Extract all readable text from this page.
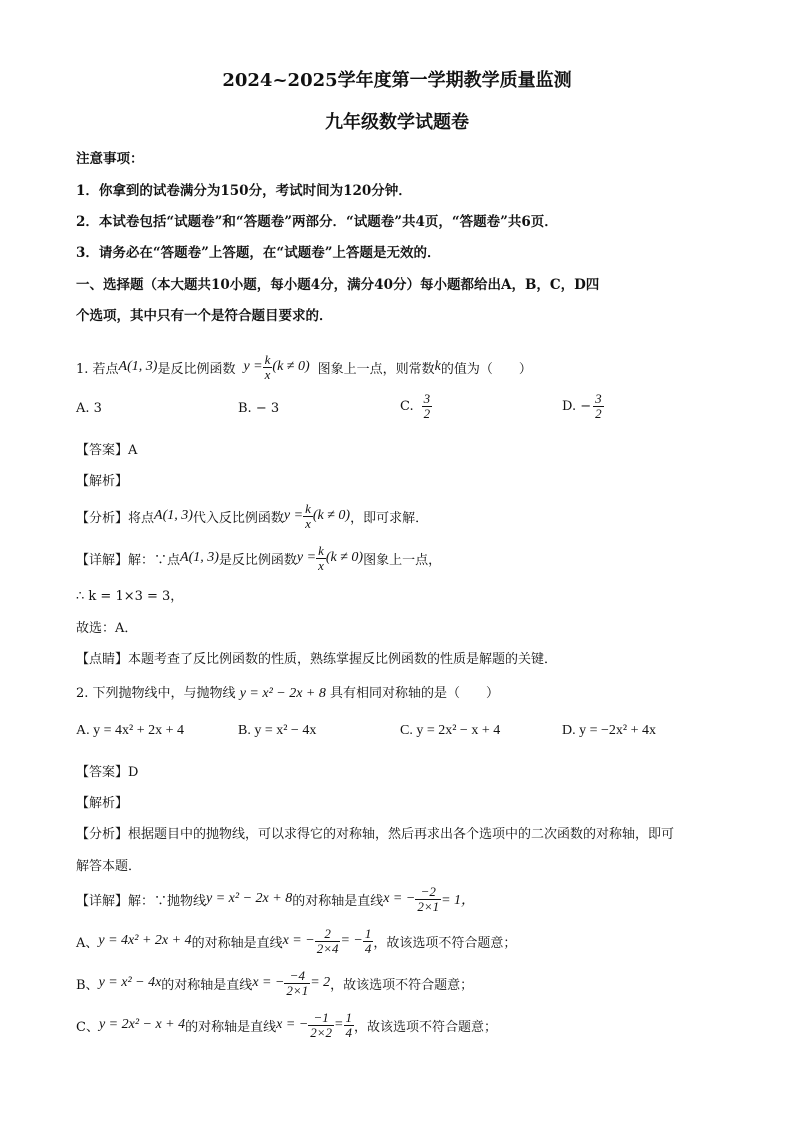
2024~2025学年度第一学期教学质量监测
九年级数学试题卷
注意事项：
1．你拿到的试卷满分为150分，考试时间为120分钟．
2．本试卷包括“试题卷”和“答题卷”两部分．“试题卷”共4页，“答题卷”共6页．
3．请务必在“答题卷”上答题，在“试题卷”上答题是无效的．
一、选择题（本大题共10小题，每小题4分，满分40分）每小题都给出A，B，C，D四
个选项，其中只有一个是符合题目要求的．
1. 若点 A(1, 3) 是反比例函数 $y = \frac{k}{x} (k \ne 0)$ 图象上一点，则常数 k 的值为（　　）
A. 3	B. − 3	C. $\frac{3}{2}$	D. − $\frac{3}{2}$
【答案】A
【解析】
【分析】将点 A(1, 3) 代入反比例函数 $y = \frac{k}{x} (k \ne 0)$ ，即可求解．
【详解】解：∵点 A(1, 3) 是反比例函数 $y = \frac{k}{x} (k \ne 0)$ 图象上一点，
∴ k = 1×3 = 3，
故选：A．
【点睛】本题考查了反比例函数的性质，熟练掌握反比例函数的性质是解题的关键．
2. 下列抛物线中，与抛物线 y = x² − 2x + 8 具有相同对称轴的是（　　）
A. y = 4x² + 2x + 4	B. y = x² − 4x	C. y = 2x² − x + 4	D. y = −2x² + 4x
【答案】D
【解析】
【分析】根据题目中的抛物线，可以求得它的对称轴，然后再求出各个选项中的二次函数的对称轴，即可
解答本题．
【详解】解：∵抛物线 y = x² − 2x + 8 的对称轴是直线 x = − $\frac{-2}{2\times 1} = 1$，
A、 y = 4x² + 2x + 4 的对称轴是直线 x = − $\frac{2}{2\times 4}$ = − $\frac{1}{4}$ ，故该选项不符合题意；
B、 y = x² − 4x 的对称轴是直线 x = − $\frac{-4}{2\times 1} = 2$ ，故该选项不符合题意；
C、 y = 2x² − x + 4 的对称轴是直线 x = − $\frac{-1}{2\times 2} = \frac{1}{4}$ ，故该选项不符合题意；
